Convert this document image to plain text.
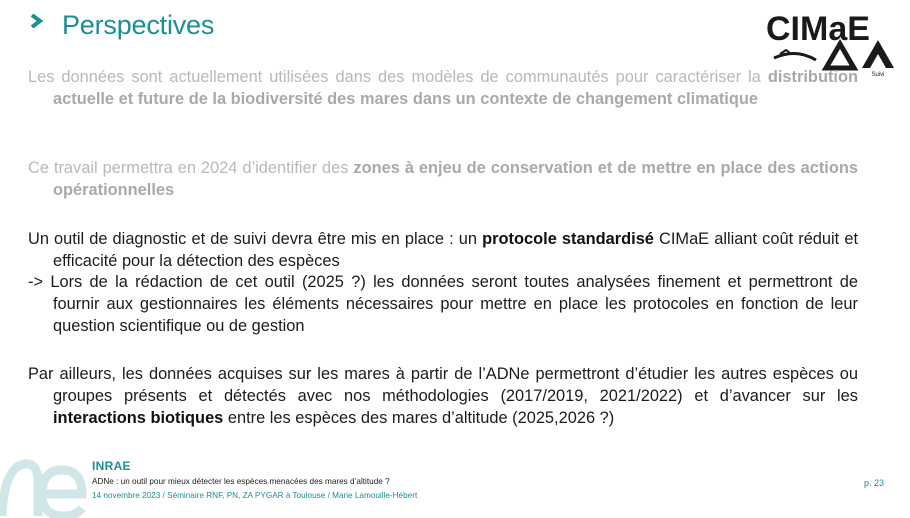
Perspectives	CIMaE
Suivi
Les données sont actuellement utilisées dans des modèles de communautés pour caractériser la distribution actuelle et future de la biodiversité des mares dans un contexte de changement climatique
Ce travail permettra en 2024 d’identifier des zones à enjeu de conservation et de mettre en place des actions opérationnelles
Un outil de diagnostic et de suivi devra être mis en place : un protocole standardisé CIMaE alliant coût réduit et efficacité pour la détection des espèces
-> Lors de la rédaction de cet outil (2025 ?) les données seront toutes analysées finement et permettront de fournir aux gestionnaires les éléments nécessaires pour mettre en place les protocoles en fonction de leur question scientifique ou de gestion
Par ailleurs, les données acquises sur les mares à partir de l’ADNe permettront d’étudier les autres espèces ou groupes présents et détectés avec nos méthodologies (2017/2019, 2021/2022) et d’avancer sur les interactions biotiques entre les espèces des mares d’altitude (2025,2026 ?)
INRAE
ADNe : un outil pour mieux détecter les espèces menacées des mares d’altitude ?
14 novembre 2023 / Séminaire RNF, PN, ZA PYGAR à Toulouse / Marie Lamouille-Hébert
p. 23
